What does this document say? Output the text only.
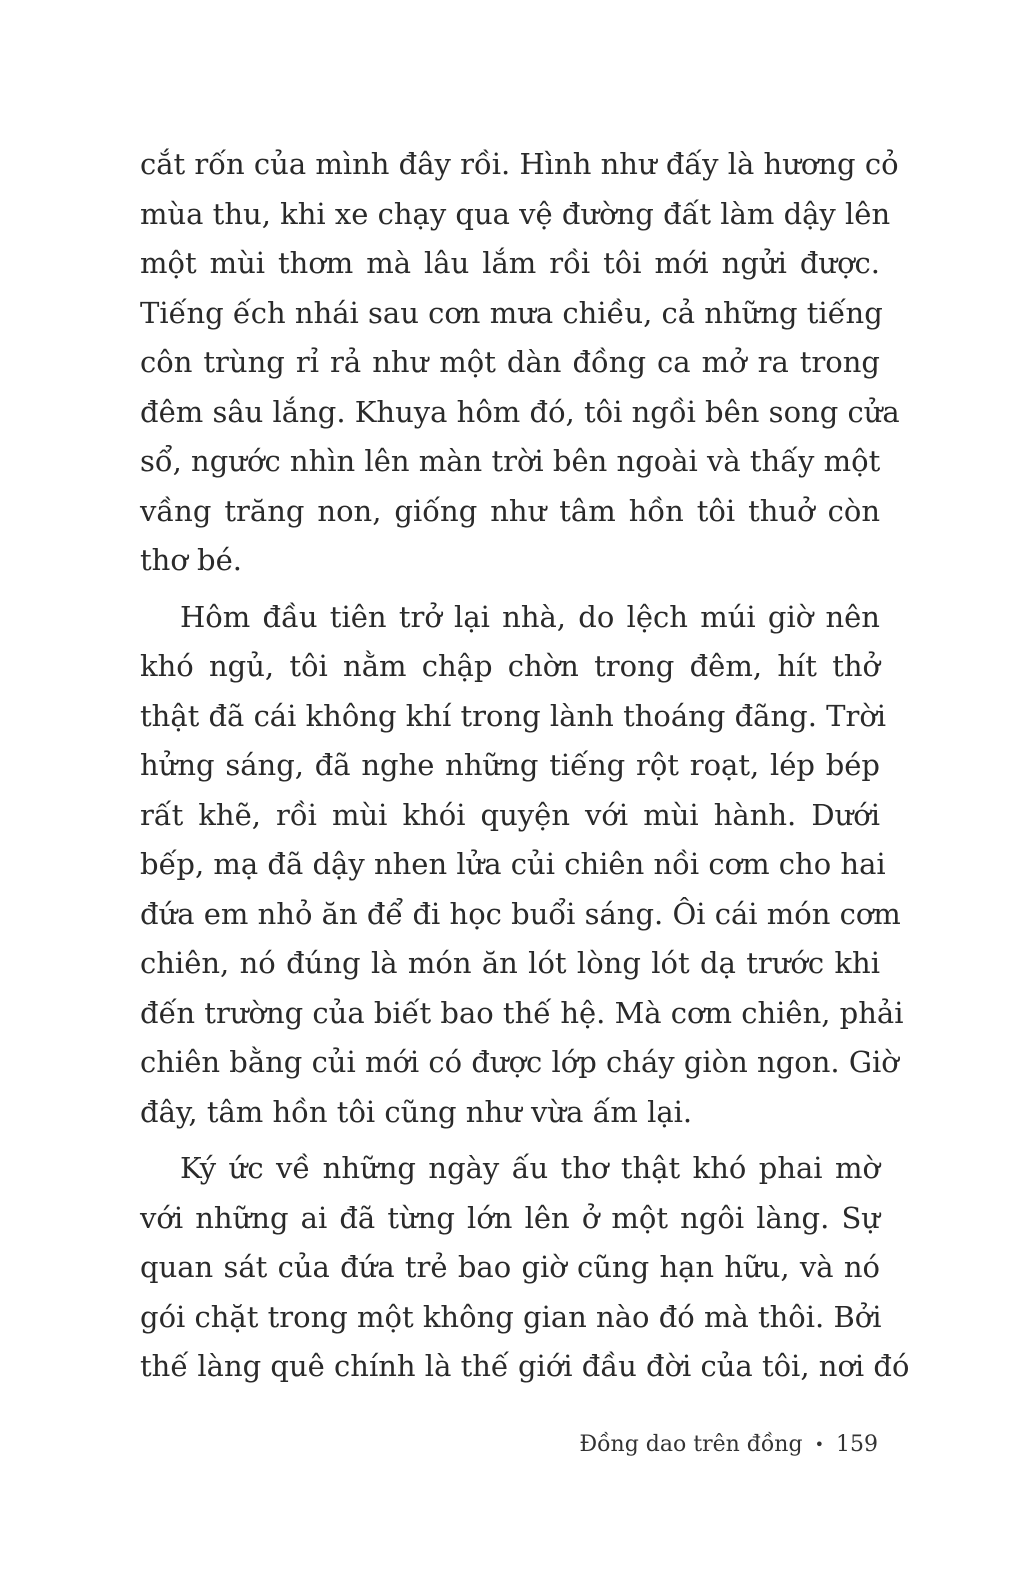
cắt rốn của mình đây rồi. Hình như đấy là hương cỏ
mùa thu, khi xe chạy qua vệ đường đất làm dậy lên
một mùi thơm mà lâu lắm rồi tôi mới ngửi được.
Tiếng ếch nhái sau cơn mưa chiều, cả những tiếng
côn trùng rỉ rả như một dàn đồng ca mở ra trong
đêm sâu lắng. Khuya hôm đó, tôi ngồi bên song cửa
sổ, ngước nhìn lên màn trời bên ngoài và thấy một
vầng trăng non, giống như tâm hồn tôi thuở còn
thơ bé.
Hôm đầu tiên trở lại nhà, do lệch múi giờ nên
khó ngủ, tôi nằm chập chờn trong đêm, hít thở
thật đã cái không khí trong lành thoáng đãng. Trời
hửng sáng, đã nghe những tiếng rột roạt, lép bép
rất khẽ, rồi mùi khói quyện với mùi hành. Dưới
bếp, mạ đã dậy nhen lửa củi chiên nồi cơm cho hai
đứa em nhỏ ăn để đi học buổi sáng. Ôi cái món cơm
chiên, nó đúng là món ăn lót lòng lót dạ trước khi
đến trường của biết bao thế hệ. Mà cơm chiên, phải
chiên bằng củi mới có được lớp cháy giòn ngon. Giờ
đây, tâm hồn tôi cũng như vừa ấm lại.
Ký ức về những ngày ấu thơ thật khó phai mờ
với những ai đã từng lớn lên ở một ngôi làng. Sự
quan sát của đứa trẻ bao giờ cũng hạn hữu, và nó
gói chặt trong một không gian nào đó mà thôi. Bởi
thế làng quê chính là thế giới đầu đời của tôi, nơi đó
Đồng dao trên đồng • 159
